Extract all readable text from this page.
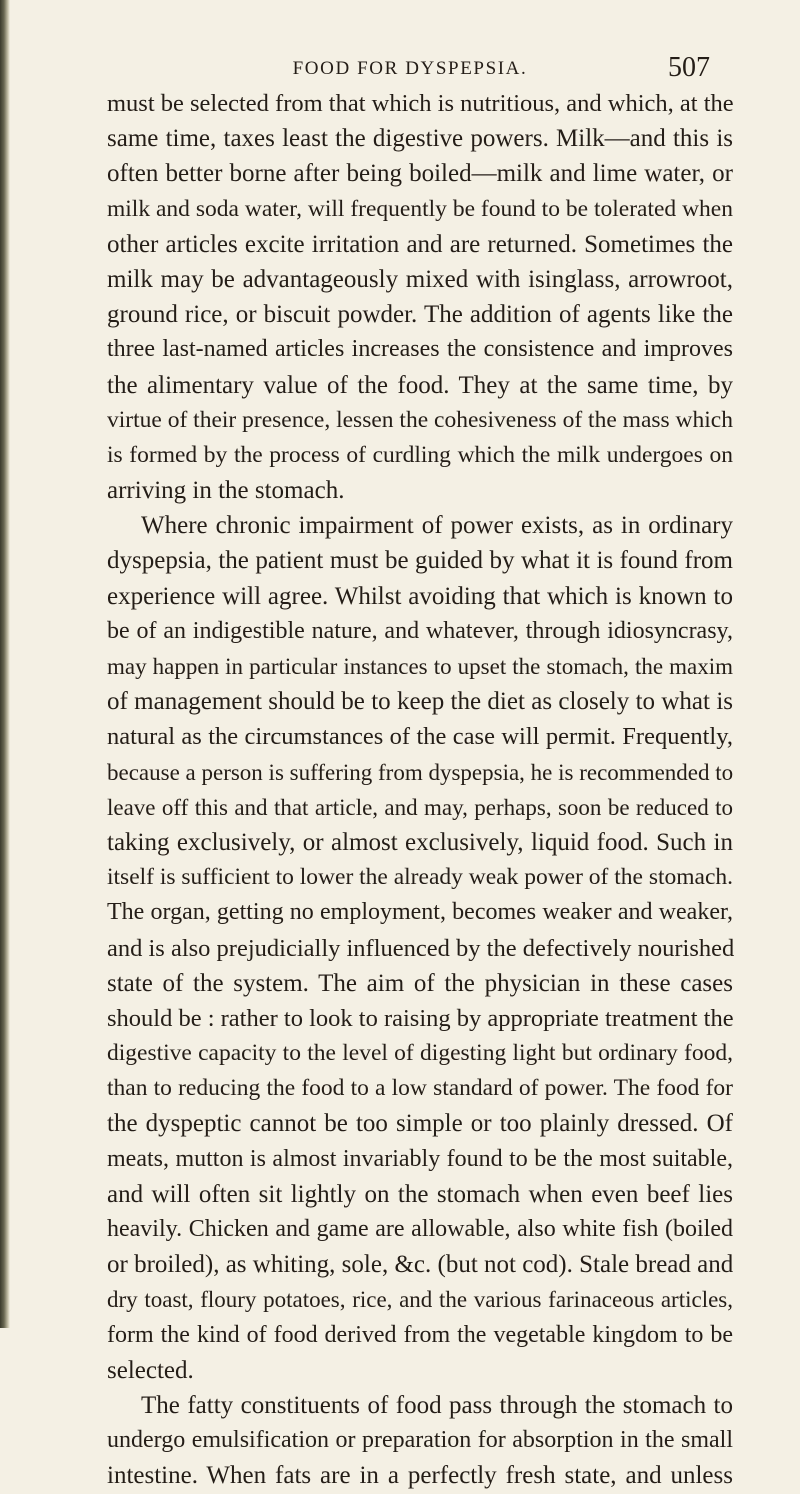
FOOD FOR DYSPEPSIA.	507
must be selected from that which is nutritious, and which, at the
same time, taxes least the digestive powers. Milk—and this is
often better borne after being boiled—milk and lime water, or
milk and soda water, will frequently be found to be tolerated when
other articles excite irritation and are returned. Sometimes the
milk may be advantageously mixed with isinglass, arrowroot,
ground rice, or biscuit powder. The addition of agents like the
three last-named articles increases the consistence and improves
the alimentary value of the food. They at the same time, by
virtue of their presence, lessen the cohesiveness of the mass which
is formed by the process of curdling which the milk undergoes on
arriving in the stomach.
Where chronic impairment of power exists, as in ordinary
dyspepsia, the patient must be guided by what it is found from
experience will agree. Whilst avoiding that which is known to
be of an indigestible nature, and whatever, through idiosyncrasy,
may happen in particular instances to upset the stomach, the maxim
of management should be to keep the diet as closely to what is
natural as the circumstances of the case will permit. Frequently,
because a person is suffering from dyspepsia, he is recommended to
leave off this and that article, and may, perhaps, soon be reduced to
taking exclusively, or almost exclusively, liquid food. Such in
itself is sufficient to lower the already weak power of the stomach.
The organ, getting no employment, becomes weaker and weaker,
and is also prejudicially influenced by the defectively nourished
state of the system. The aim of the physician in these cases
should be : rather to look to raising by appropriate treatment the
digestive capacity to the level of digesting light but ordinary food,
than to reducing the food to a low standard of power. The food for
the dyspeptic cannot be too simple or too plainly dressed. Of
meats, mutton is almost invariably found to be the most suitable,
and will often sit lightly on the stomach when even beef lies
heavily. Chicken and game are allowable, also white fish (boiled
or broiled), as whiting, sole, &c. (but not cod). Stale bread and
dry toast, floury potatoes, rice, and the various farinaceous articles,
form the kind of food derived from the vegetable kingdom to be
selected.
The fatty constituents of food pass through the stomach to
undergo emulsification or preparation for absorption in the small
intestine. When fats are in a perfectly fresh state, and unless
